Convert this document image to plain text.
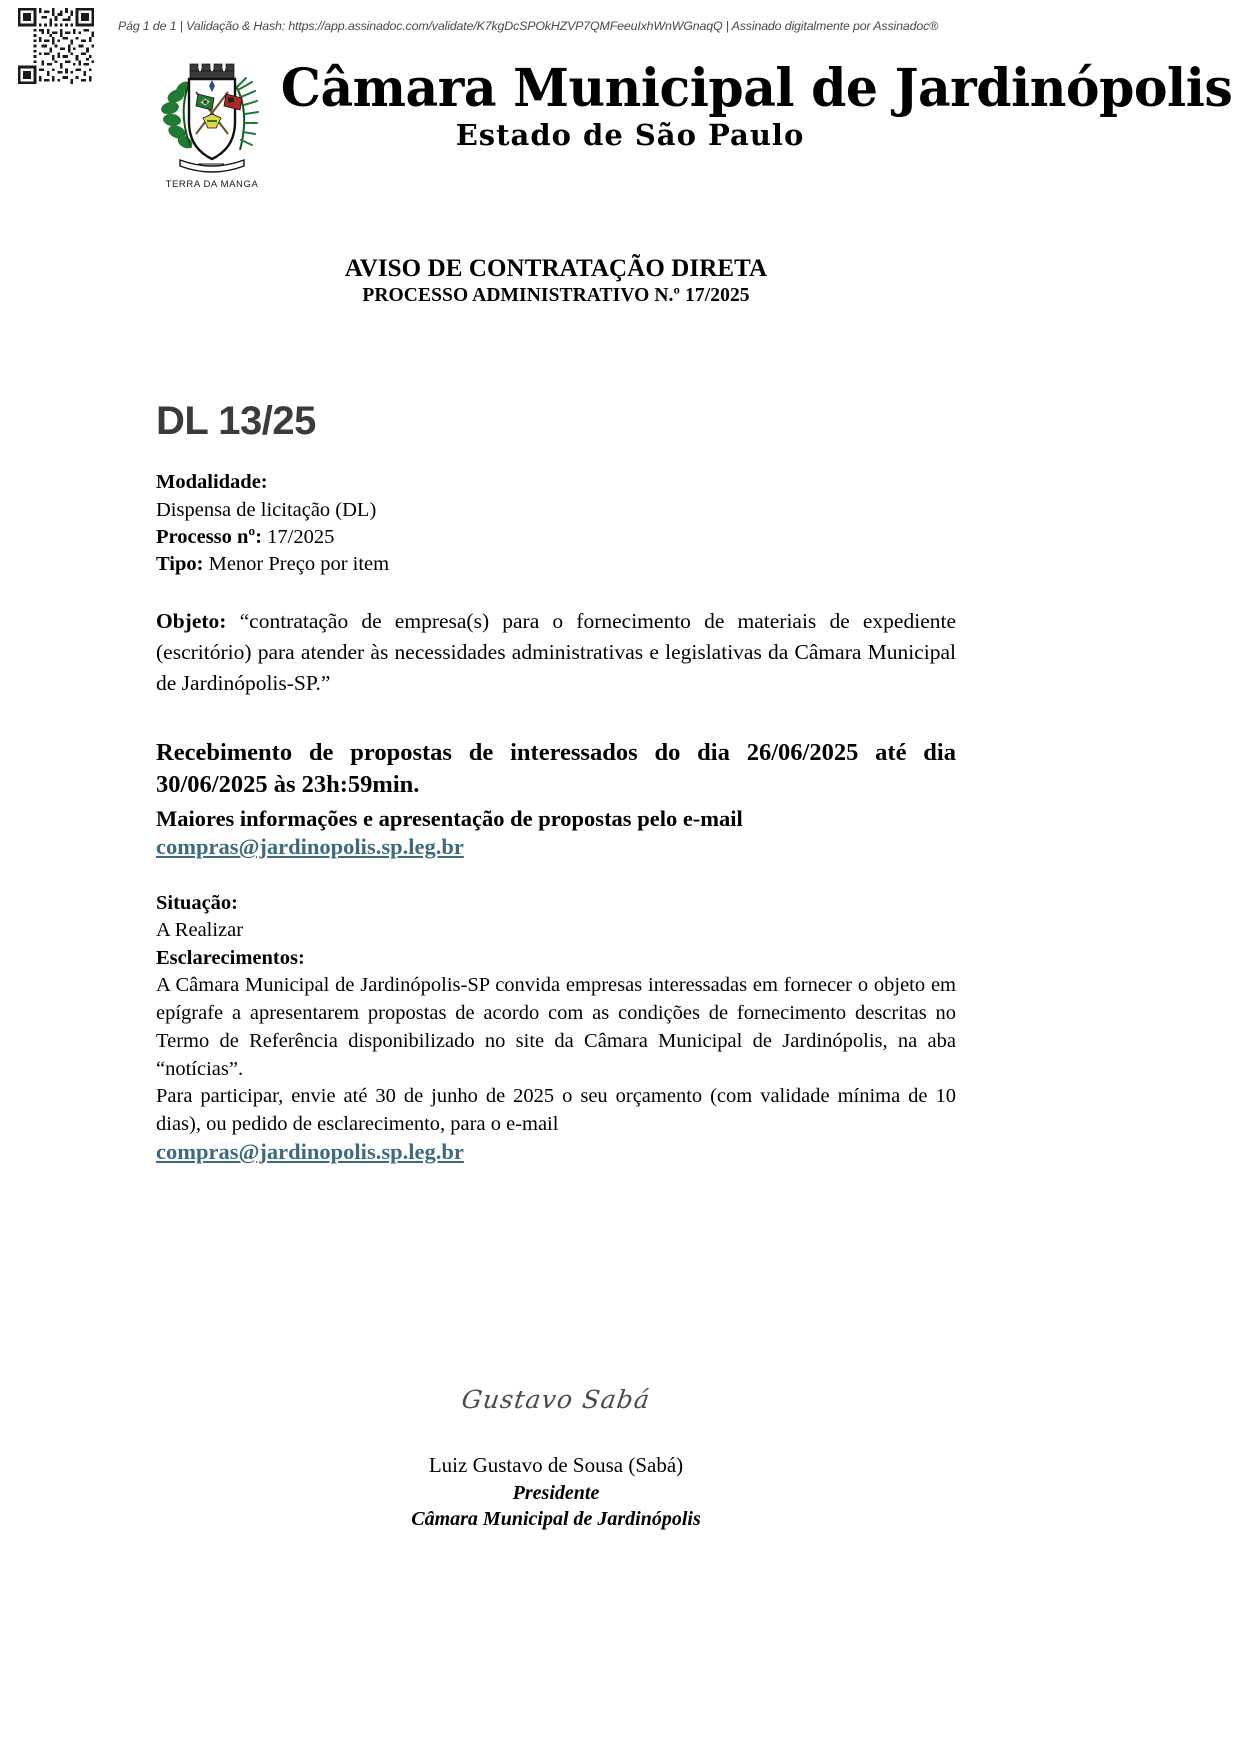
Pág 1 de 1 | Validação & Hash: https://app.assinadoc.com/validate/K7kgDcSPOkHZVP7QMFeeuIxhWnWGnaqQ | Assinado digitalmente por Assinadoc®
TERRA DA MANGA
Câmara Municipal de Jardinópolis
Estado de São Paulo
AVISO DE CONTRATAÇÃO DIRETA
PROCESSO ADMINISTRATIVO N.º 17/2025
DL 13/25
Modalidade:
Dispensa de licitação (DL)
Processo nº: 17/2025
Tipo: Menor Preço por item
Objeto: “contratação de empresa(s) para o fornecimento de materiais de expediente (escritório) para atender às necessidades administrativas e legislativas da Câmara Municipal de Jardinópolis-SP.”
Recebimento de propostas de interessados do dia 26/06/2025 até dia 30/06/2025 às 23h:59min.
Maiores informações e apresentação de propostas pelo e-mail
compras@jardinopolis.sp.leg.br
Situação:
A Realizar
Esclarecimentos:
A Câmara Municipal de Jardinópolis-SP convida empresas interessadas em fornecer o objeto em epígrafe a apresentarem propostas de acordo com as condições de fornecimento descritas no Termo de Referência disponibilizado no site da Câmara Municipal de Jardinópolis, na aba “notícias”.
Para participar, envie até 30 de junho de 2025 o seu orçamento (com validade mínima de 10 dias), ou pedido de esclarecimento, para o e-mail
compras@jardinopolis.sp.leg.br
Gustavo Sabá
Luiz Gustavo de Sousa (Sabá)
Presidente
Câmara Municipal de Jardinópolis
